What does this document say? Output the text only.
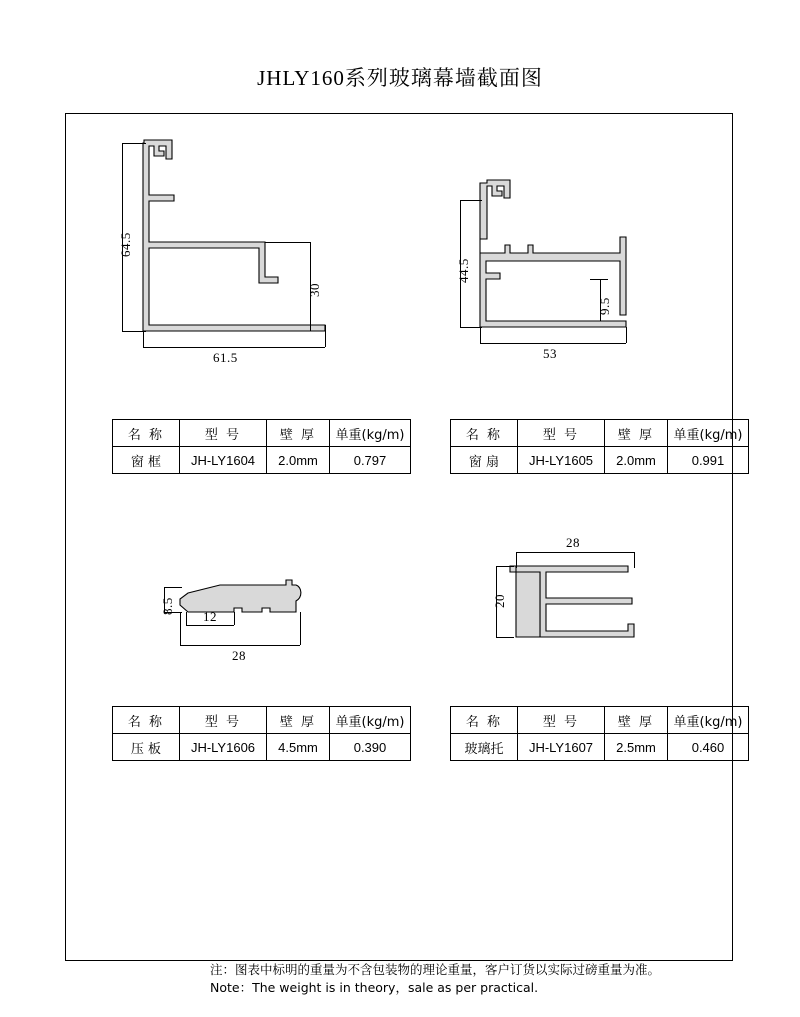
JHLY160系列玻璃幕墙截面图
64.5
30
61.5
44.5
9.5
53
名 称	型 号	壁 厚	单重(kg/m)
窗 框	JH-LY1604	2.0mm	0.797
名 称	型 号	壁 厚	单重(kg/m)
窗 扇	JH-LY1605	2.0mm	0.991
8.5
12
28
28
20
名 称	型 号	壁 厚	单重(kg/m)
压 板	JH-LY1606	4.5mm	0.390
名 称	型 号	壁 厚	单重(kg/m)
玻璃托	JH-LY1607	2.5mm	0.460
注：图表中标明的重量为不含包装物的理论重量，客户订货以实际过磅重量为准。
Note：The weight is in theory，sale as per practical.
